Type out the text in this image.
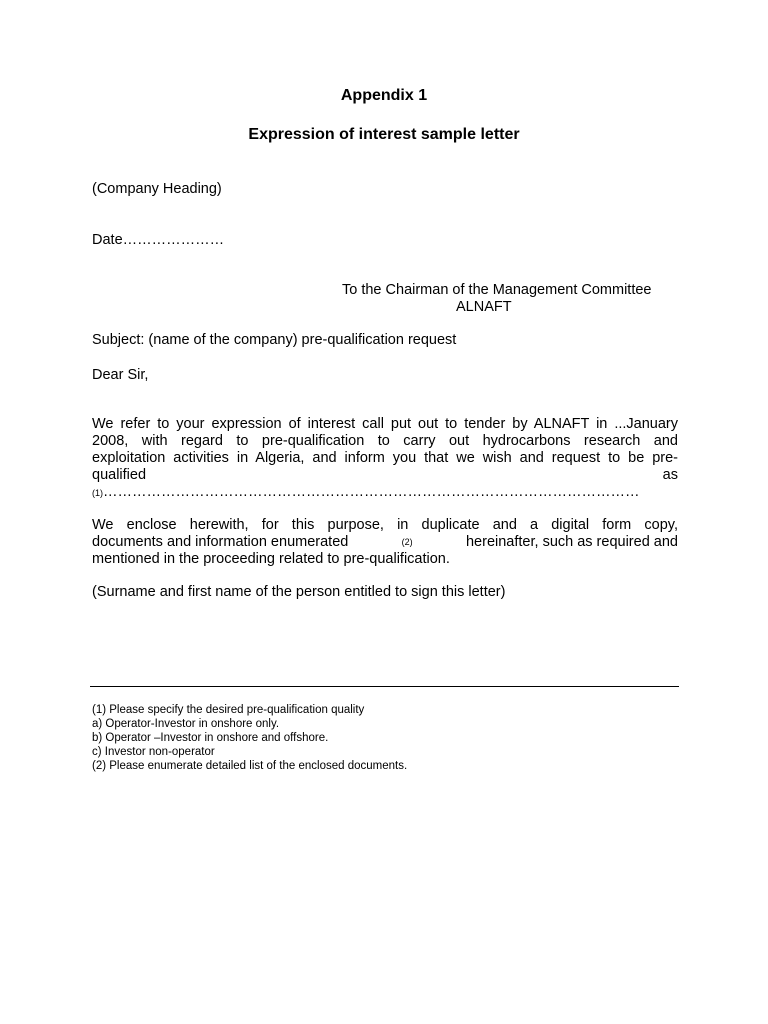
Appendix 1
Expression of interest sample letter
(Company Heading)
Date…………………
To the Chairman of the Management Committee
ALNAFT
Subject: (name of the company) pre-qualification request
Dear Sir,
We refer to your expression of interest call put out to tender by ALNAFT in ...January
2008, with regard to pre-qualification to carry out hydrocarbons research and
exploitation activities in Algeria, and inform you that we wish and request to be pre-
qualified	as
(1)…………………………………………………………………………………………………
We enclose herewith, for this purpose, in duplicate and a digital form copy,
documents and information enumerated	(2)	hereinafter, such as required and
mentioned in the proceeding related to pre-qualification.
(Surname and first name of the person entitled to sign this letter)
(1) Please specify the desired pre-qualification quality
a) Operator-Investor in onshore only.
b) Operator –Investor in onshore and offshore.
c) Investor non-operator
(2) Please enumerate detailed list of the enclosed documents.
